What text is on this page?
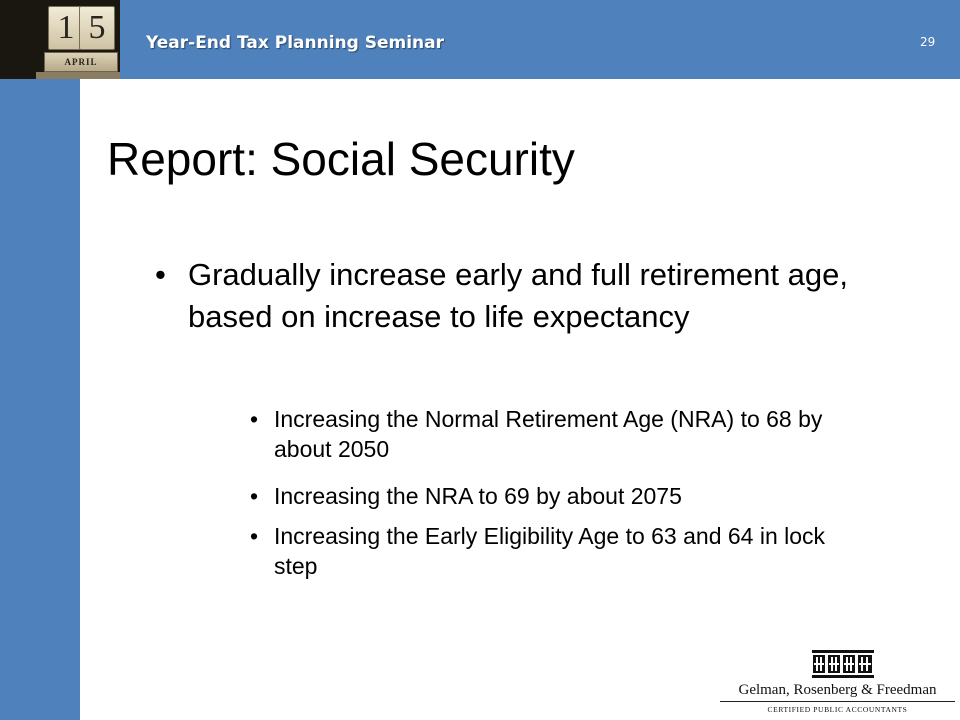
1 5
APRIL
Year-End Tax Planning Seminar	29
Report: Social Security
• Gradually increase early and full retirement age, based on increase to life expectancy
• Increasing the Normal Retirement Age (NRA) to 68 by about 2050
• Increasing the NRA to 69 by about 2075
• Increasing the Early Eligibility Age to 63 and 64 in lock step
Gelman, Rosenberg & Freedman
CERTIFIED PUBLIC ACCOUNTANTS
